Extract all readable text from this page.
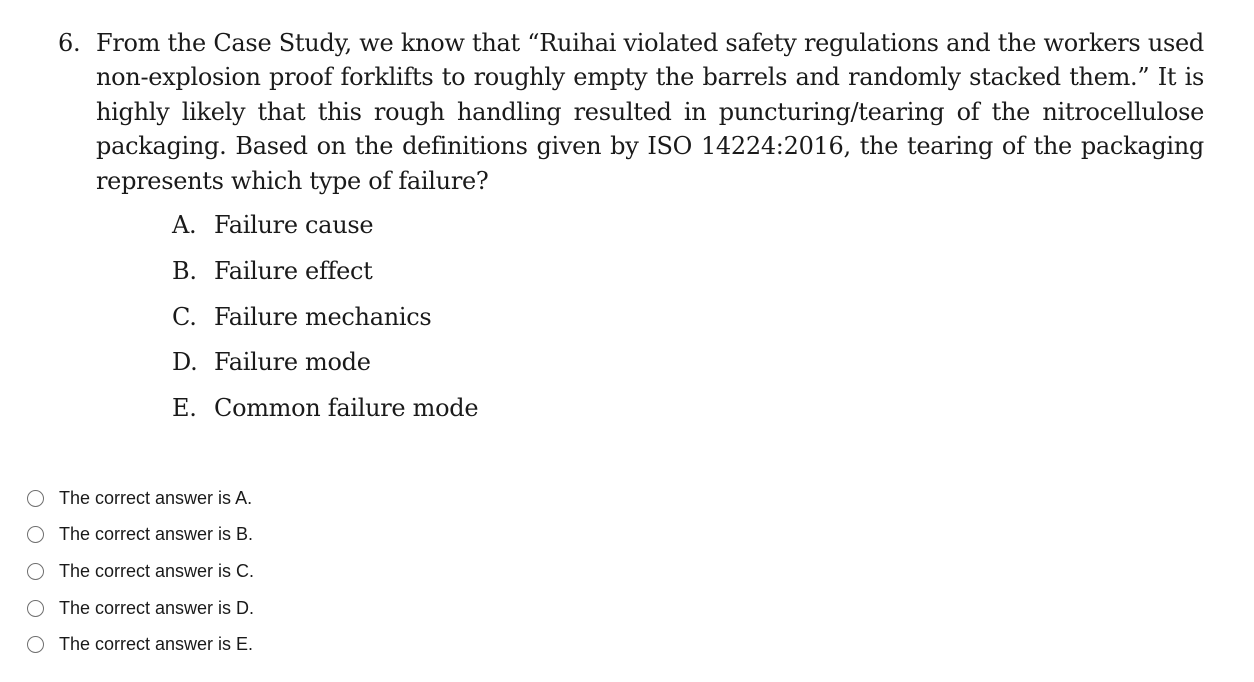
6. From the Case Study, we know that “Ruihai violated safety regulations and the workers used non-explosion proof forklifts to roughly empty the barrels and randomly stacked them.” It is highly likely that this rough handling resulted in puncturing/tearing of the nitrocellulose packaging. Based on the definitions given by ISO 14224:2016, the tearing of the packaging represents which type of failure?
A. Failure cause
B. Failure effect
C. Failure mechanics
D. Failure mode
E. Common failure mode
The correct answer is A.
The correct answer is B.
The correct answer is C.
The correct answer is D.
The correct answer is E.
